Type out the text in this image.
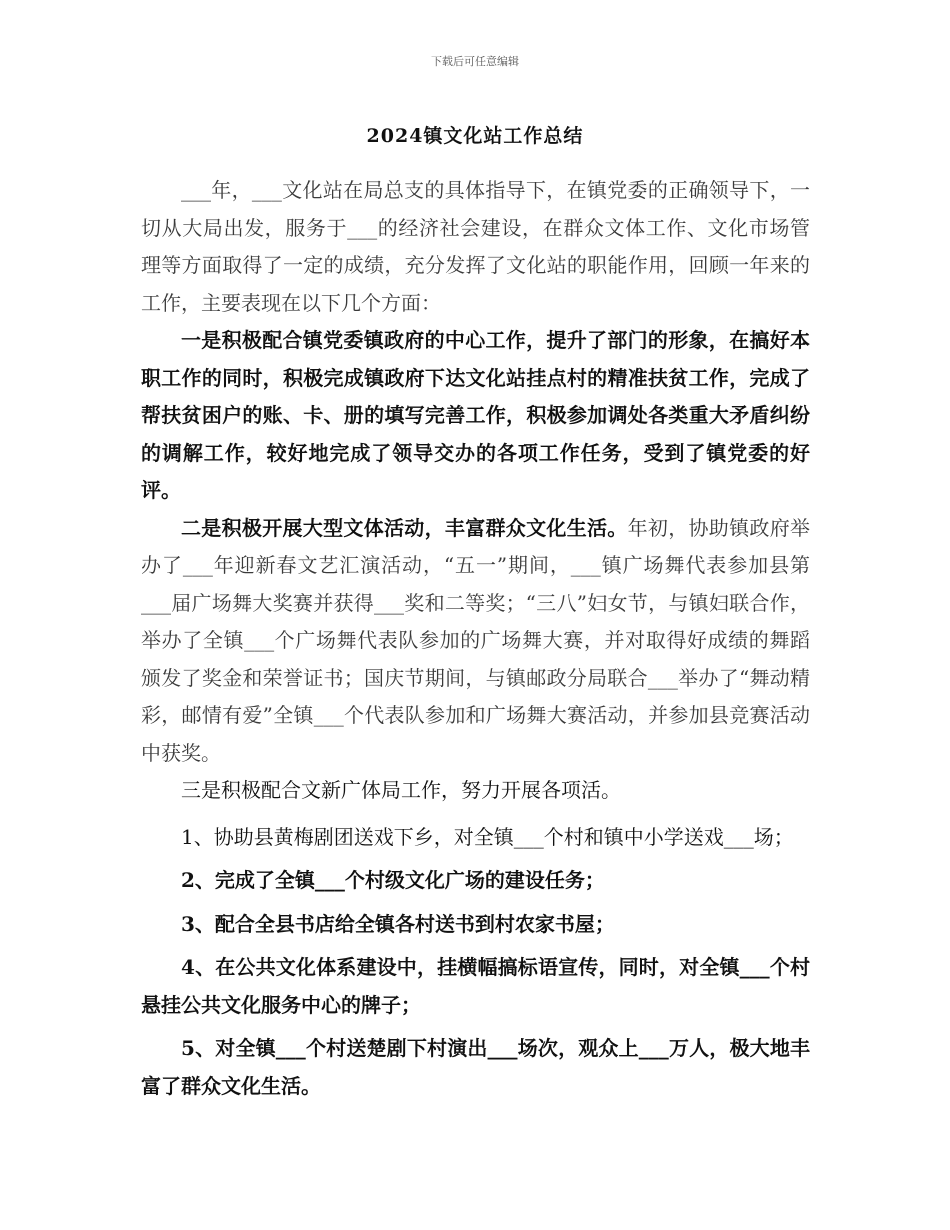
下载后可任意编辑
2024镇文化站工作总结

___年，___文化站在局总支的具体指导下，在镇党委的正确领导下，一切从大局出发，服务于___的经济社会建设，在群众文体工作、文化市场管理等方面取得了一定的成绩，充分发挥了文化站的职能作用，回顾一年来的工作，主要表现在以下几个方面：

一是积极配合镇党委镇政府的中心工作，提升了部门的形象，在搞好本职工作的同时，积极完成镇政府下达文化站挂点村的精准扶贫工作，完成了帮扶贫困户的账、卡、册的填写完善工作，积极参加调处各类重大矛盾纠纷的调解工作，较好地完成了领导交办的各项工作任务，受到了镇党委的好评。

二是积极开展大型文体活动，丰富群众文化生活。年初，协助镇政府举办了___年迎新春文艺汇演活动，“五一”期间，___镇广场舞代表参加县第___届广场舞大奖赛并获得___奖和二等奖；“三八”妇女节，与镇妇联合作，举办了全镇___个广场舞代表队参加的广场舞大赛，并对取得好成绩的舞蹈颁发了奖金和荣誉证书；国庆节期间，与镇邮政分局联合___举办了“舞动精彩，邮情有爱”全镇___个代表队参加和广场舞大赛活动，并参加县竞赛活动中获奖。

三是积极配合文新广体局工作，努力开展各项活。

1、协助县黄梅剧团送戏下乡，对全镇___个村和镇中小学送戏___场；

2、完成了全镇___个村级文化广场的建设任务；

3、配合全县书店给全镇各村送书到村农家书屋；

4、在公共文化体系建设中，挂横幅搞标语宣传，同时，对全镇___个村悬挂公共文化服务中心的牌子；

5、对全镇___个村送楚剧下村演出___场次，观众上___万人，极大地丰富了群众文化生活。
